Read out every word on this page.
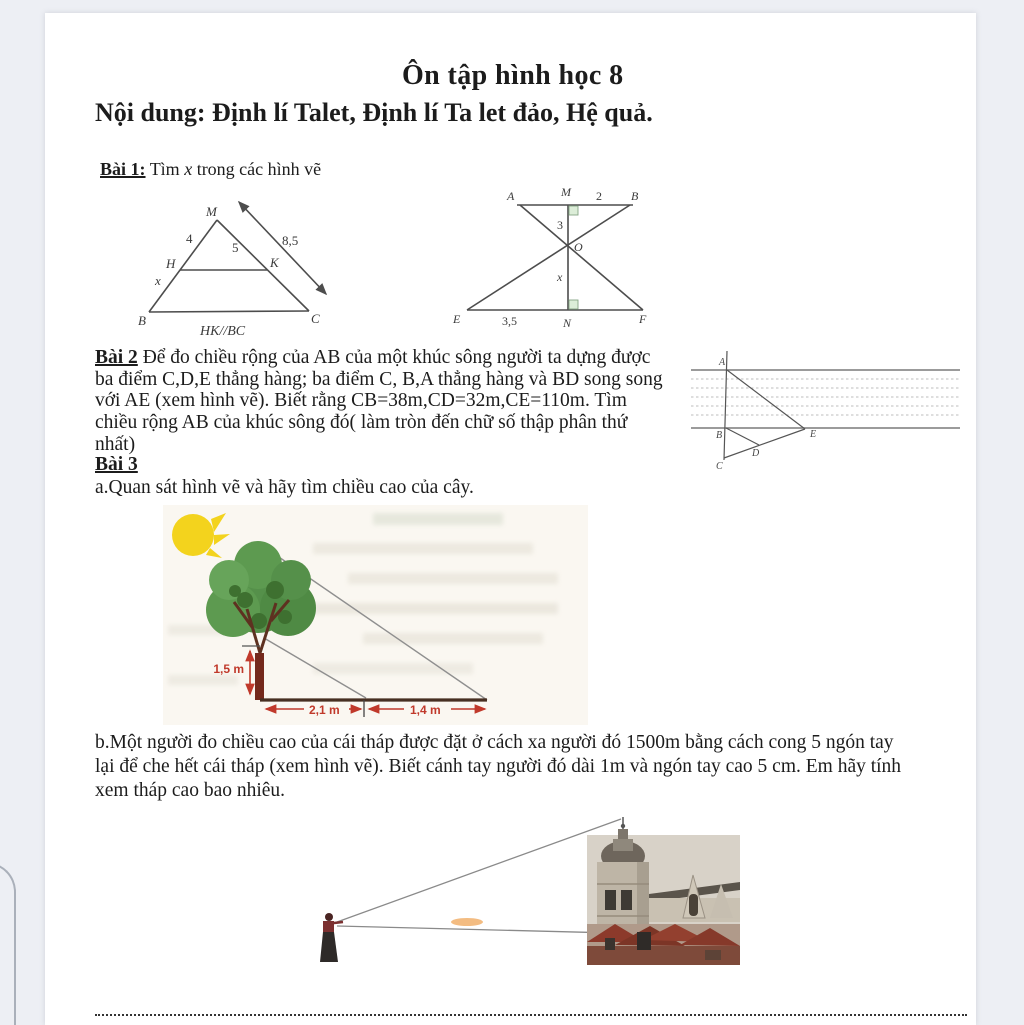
Ôn tập hình học 8
Nội dung: Định lí Talet, Định lí Ta let đảo, Hệ quả.
Bài 1: Tìm x trong các hình vẽ
M
4
5	8,5
H	K
x
B	C
HK//BC
A	M 2 B
3
O
x
E	3,5	N	F
Bài 2 Để đo chiều rộng của AB của một khúc sông người ta dựng được
ba điểm C,D,E thẳng hàng; ba điểm C, B,A thẳng hàng và BD song song
với AE (xem hình vẽ). Biết rằng CB=38m,CD=32m,CE=110m. Tìm
chiều rộng AB của khúc sông đó( làm tròn đến chữ số thập phân thứ
nhất)
A
B	E
D
C
Bài 3
a.Quan sát hình vẽ và hãy tìm chiều cao của cây.
1,5 m
2,1 m	1,4 m
b.Một người đo chiều cao của cái tháp được đặt ở cách xa người đó 1500m bằng cách cong 5 ngón tay
lại để che hết cái tháp (xem hình vẽ). Biết cánh tay người đó dài 1m và ngón tay cao 5 cm. Em hãy tính
xem tháp cao bao nhiêu.
